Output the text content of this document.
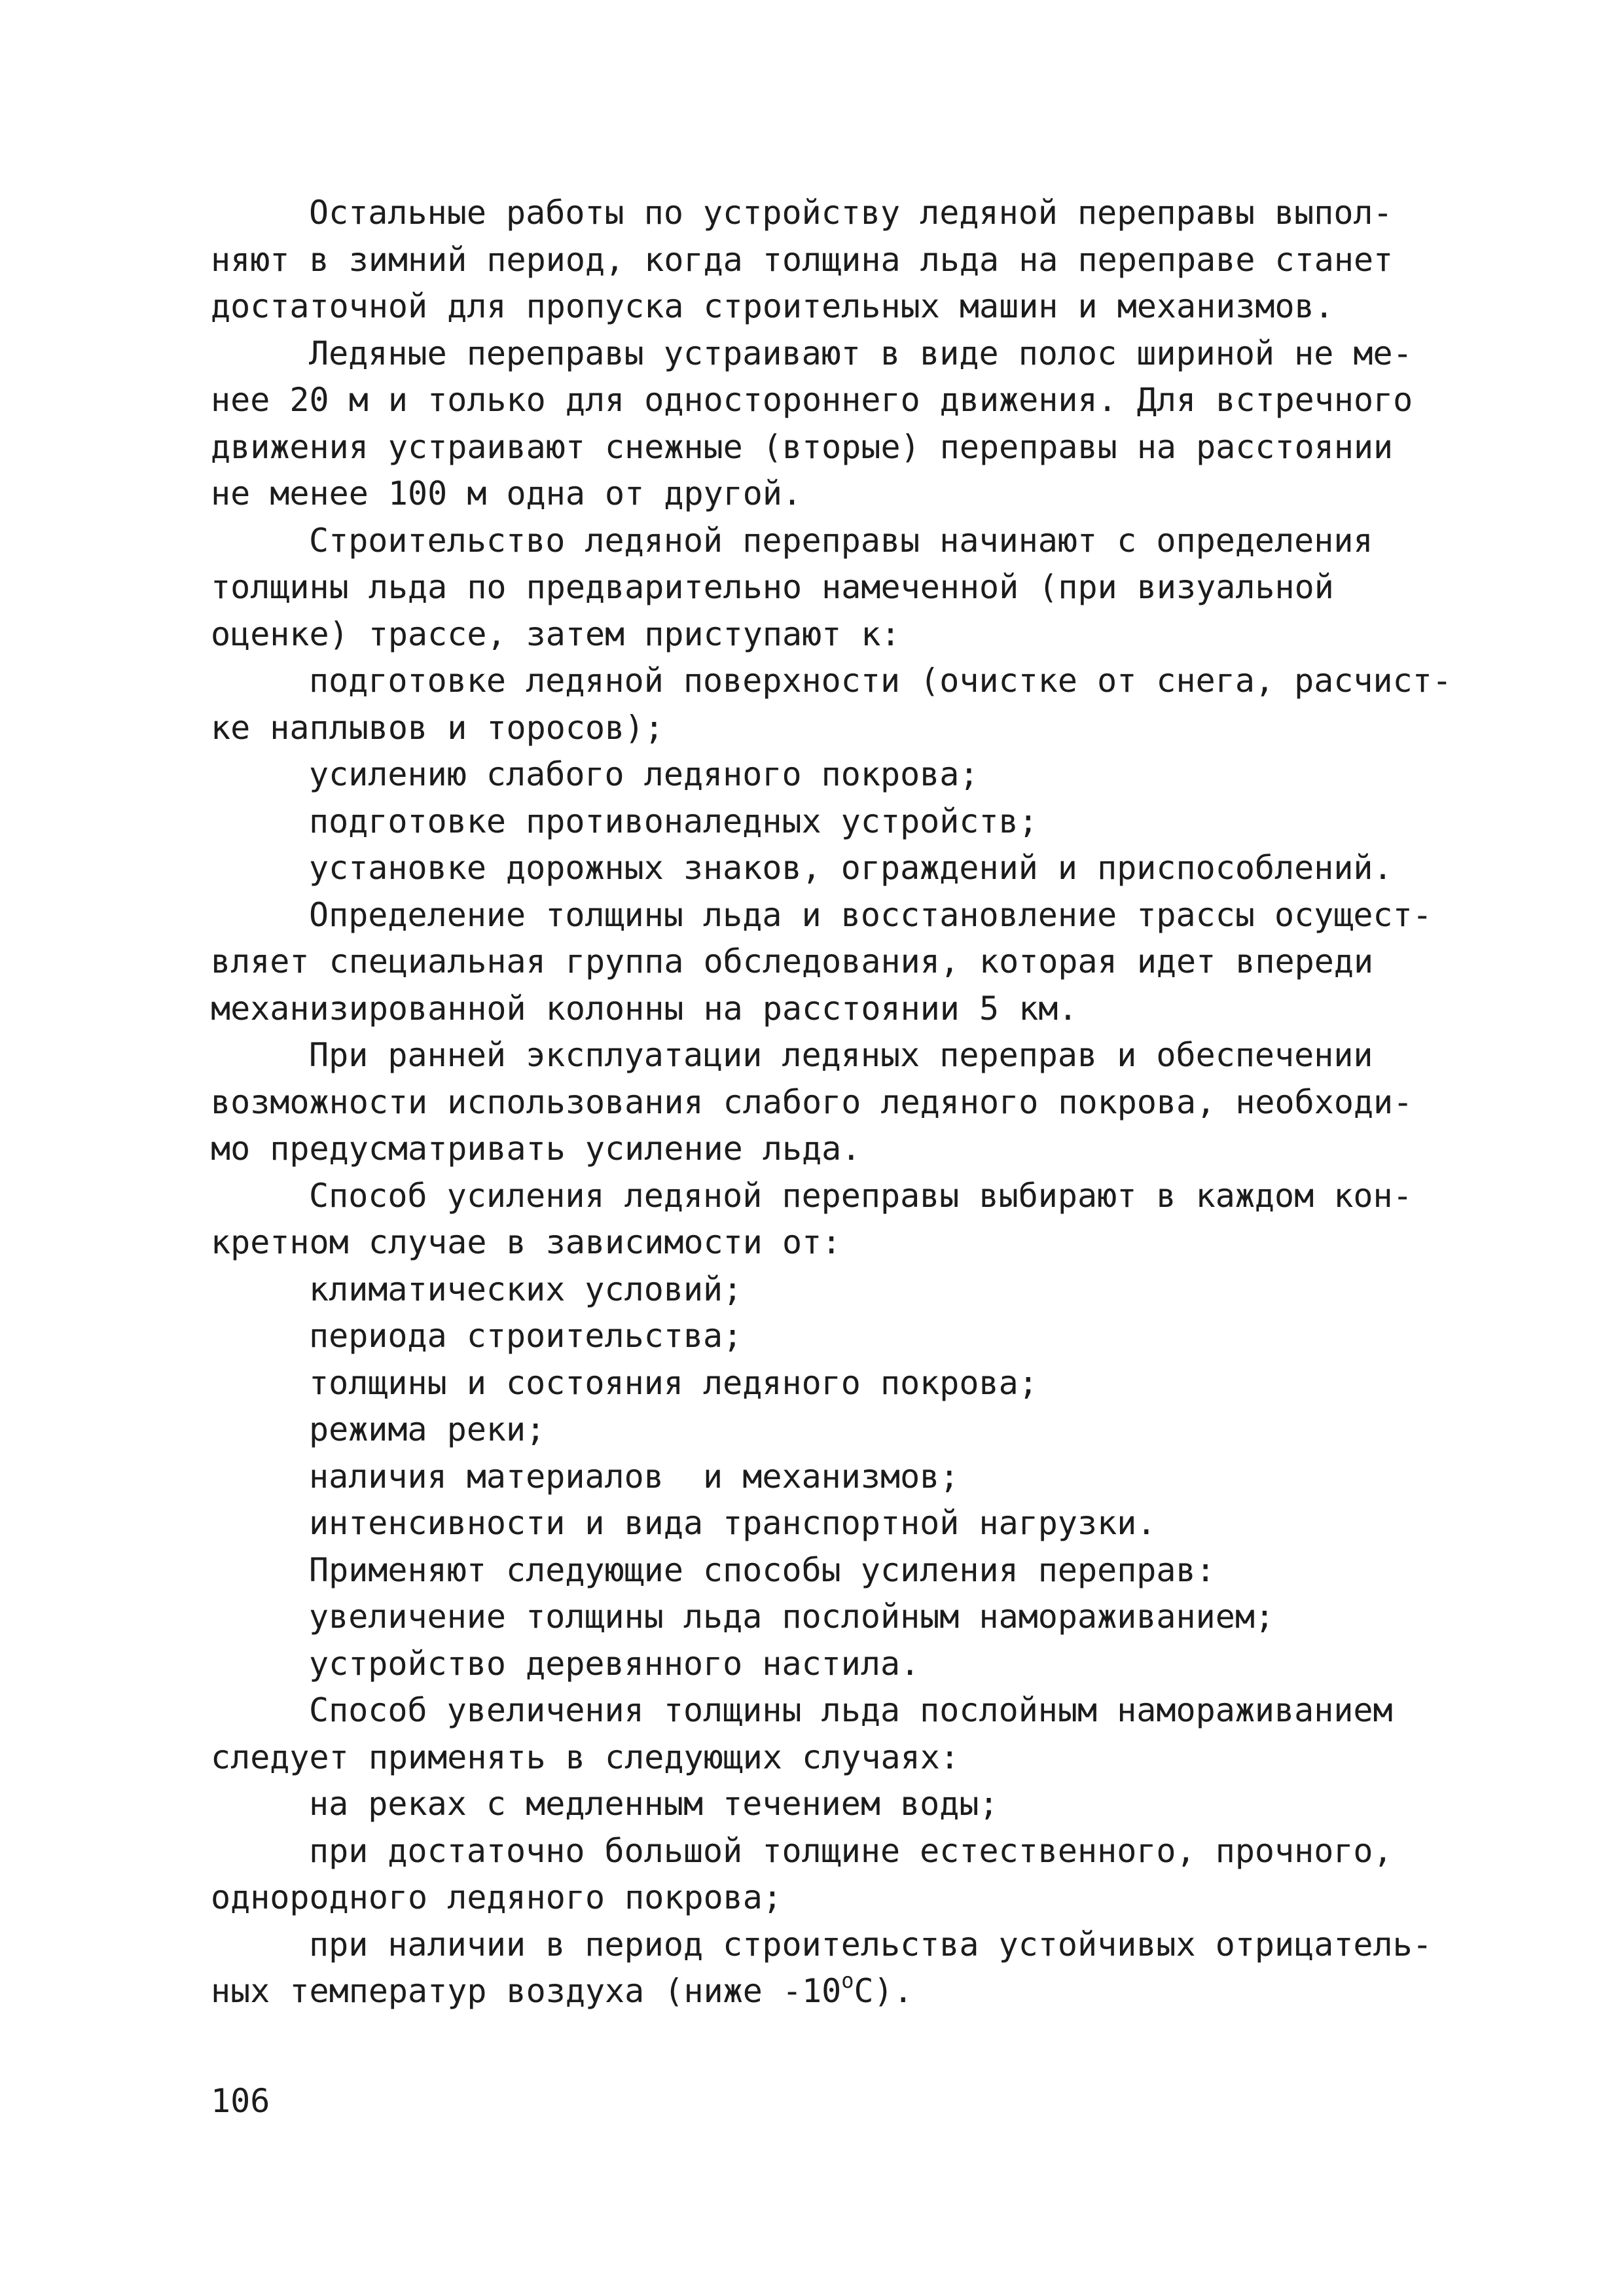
Остальные работы по устройству ледяной переправы выпол-
няют в зимний период, когда толщина льда на переправе станет
достаточной для пропуска строительных машин и механизмов.
Ледяные переправы устраивают в виде полос шириной не ме-
нее 20 м и только для одностороннего движения. Для встречного
движения устраивают снежные (вторые) переправы на расстоянии
не менее 100 м одна от другой.
Строительство ледяной переправы начинают с определения
толщины льда по предварительно намеченной (при визуальной
оценке) трассе, затем приступают к:
подготовке ледяной поверхности (очистке от снега, расчист-
ке наплывов и торосов);
усилению слабого ледяного покрова;
подготовке противоналедных устройств;
установке дорожных знаков, ограждений и приспособлений.
Определение толщины льда и восстановление трассы осущест-
вляет специальная группа обследования, которая идет впереди
механизированной колонны на расстоянии 5 км.
При ранней эксплуатации ледяных переправ и обеспечении
возможности использования слабого ледяного покрова, необходи-
мо предусматривать усиление льда.
Способ усиления ледяной переправы выбирают в каждом кон-
кретном случае в зависимости от:
климатических условий;
периода строительства;
толщины и состояния ледяного покрова;
режима реки;
наличия материалов  и механизмов;
интенсивности и вида транспортной нагрузки.
Применяют следующие способы усиления переправ:
увеличение толщины льда послойным намораживанием;
устройство деревянного настила.
Способ увеличения толщины льда послойным намораживанием
следует применять в следующих случаях:
на реках с медленным течением воды;
при достаточно большой толщине естественного, прочного,
однородного ледяного покрова;
при наличии в период строительства устойчивых отрицатель-
ных температур воздуха (ниже $-10^оС$).
106
